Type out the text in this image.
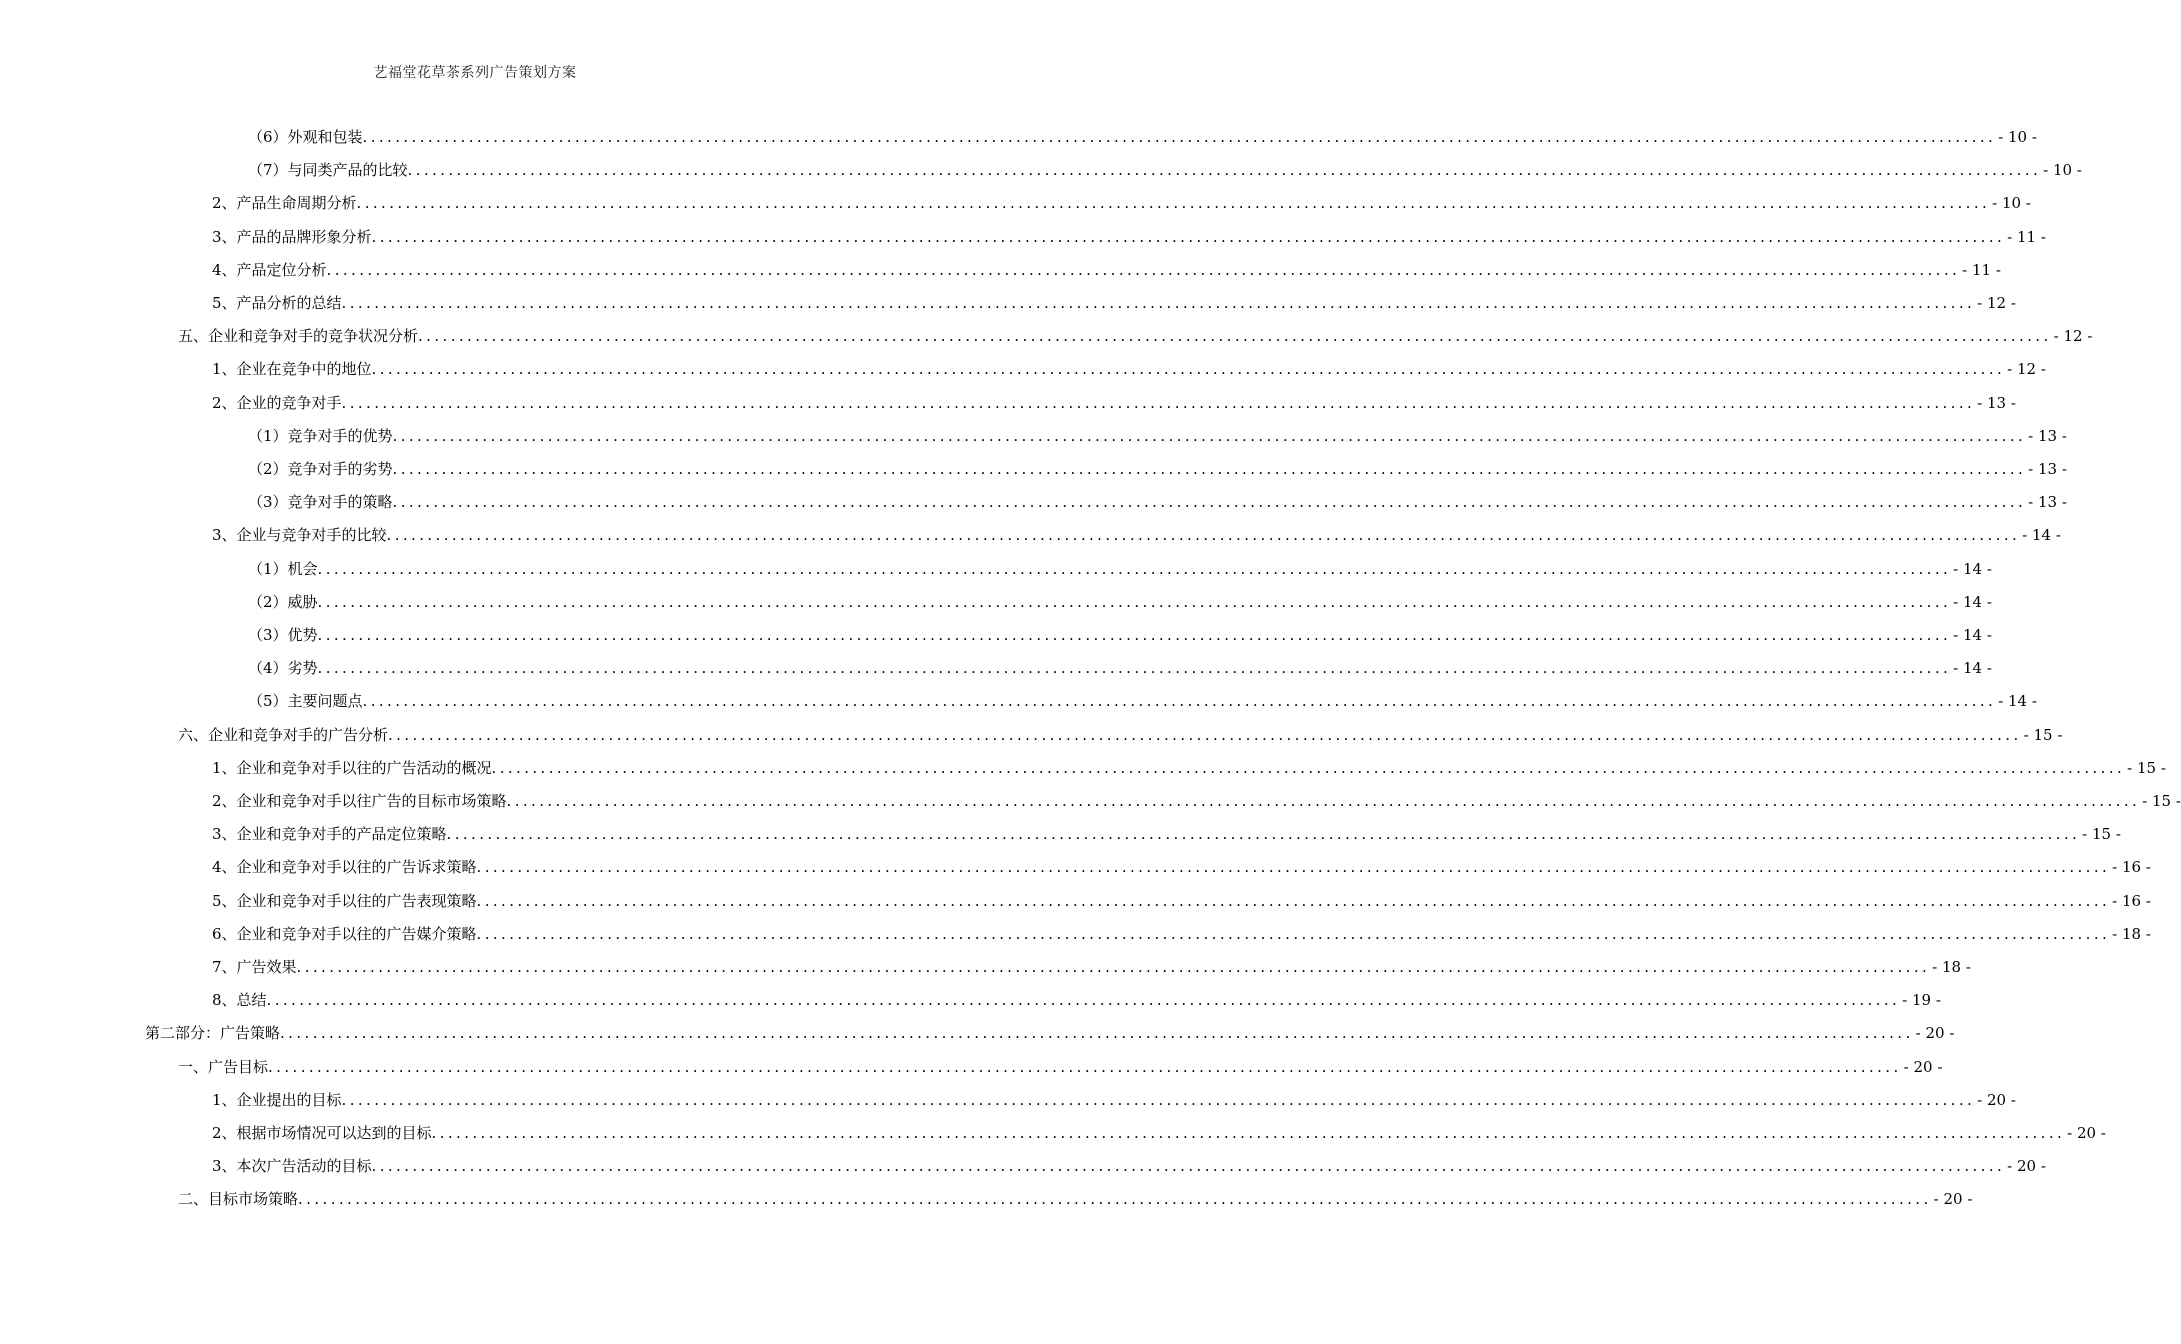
艺福堂花草茶系列广告策划方案
（6）外观和包装 ........................................................................................................................................................................................................ - 10 -
（7）与同类产品的比较 ........................................................................................................................................................................................................ - 10 -
2、产品生命周期分析 ........................................................................................................................................................................................................ - 10 -
3、产品的品牌形象分析 ........................................................................................................................................................................................................ - 11 -
4、产品定位分析 ........................................................................................................................................................................................................ - 11 -
5、产品分析的总结 ........................................................................................................................................................................................................ - 12 -
五、企业和竞争对手的竞争状况分析 ........................................................................................................................................................................................................ - 12 -
1、企业在竞争中的地位 ........................................................................................................................................................................................................ - 12 -
2、企业的竞争对手 ........................................................................................................................................................................................................ - 13 -
（1）竞争对手的优势 ........................................................................................................................................................................................................ - 13 -
（2）竞争对手的劣势 ........................................................................................................................................................................................................ - 13 -
（3）竞争对手的策略 ........................................................................................................................................................................................................ - 13 -
3、企业与竞争对手的比较 ........................................................................................................................................................................................................ - 14 -
（1）机会 ........................................................................................................................................................................................................ - 14 -
（2）威胁 ........................................................................................................................................................................................................ - 14 -
（3）优势 ........................................................................................................................................................................................................ - 14 -
（4）劣势 ........................................................................................................................................................................................................ - 14 -
（5）主要问题点 ........................................................................................................................................................................................................ - 14 -
六、企业和竞争对手的广告分析 ........................................................................................................................................................................................................ - 15 -
1、企业和竞争对手以往的广告活动的概况 ........................................................................................................................................................................................................ - 15 -
2、企业和竞争对手以往广告的目标市场策略 ........................................................................................................................................................................................................ - 15 -
3、企业和竞争对手的产品定位策略 ........................................................................................................................................................................................................ - 15 -
4、企业和竞争对手以往的广告诉求策略 ........................................................................................................................................................................................................ - 16 -
5、企业和竞争对手以往的广告表现策略 ........................................................................................................................................................................................................ - 16 -
6、企业和竞争对手以往的广告媒介策略 ........................................................................................................................................................................................................ - 18 -
7、广告效果 ........................................................................................................................................................................................................ - 18 -
8、总结 ........................................................................................................................................................................................................ - 19 -
第二部分：广告策略 ........................................................................................................................................................................................................ - 20 -
一、广告目标 ........................................................................................................................................................................................................ - 20 -
1、企业提出的目标 ........................................................................................................................................................................................................ - 20 -
2、根据市场情况可以达到的目标 ........................................................................................................................................................................................................ - 20 -
3、本次广告活动的目标 ........................................................................................................................................................................................................ - 20 -
二、目标市场策略 ........................................................................................................................................................................................................ - 20 -
